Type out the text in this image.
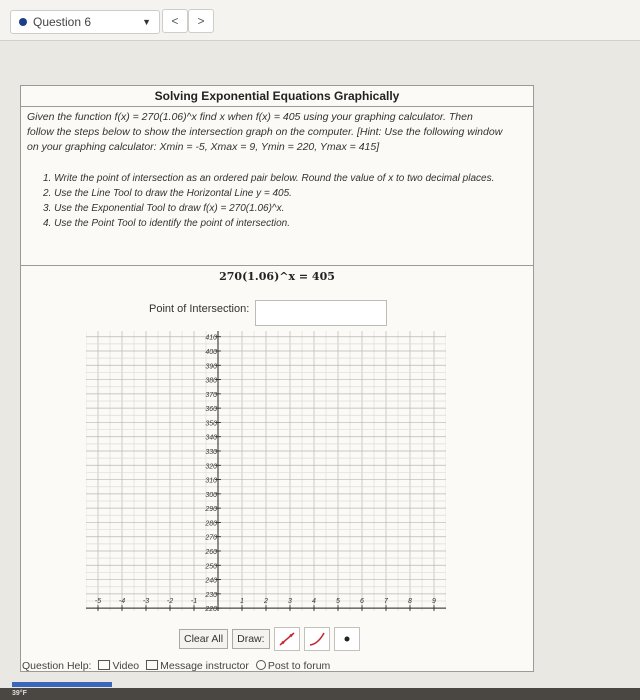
Question 6	▼	<	>
Solving Exponential Equations Graphically
Given the function f(x) = 270(1.06)^x find x when f(x) = 405 using your graphing calculator. Then
follow the steps below to show the intersection graph on the computer. [Hint: Use the following window
on your graphing calculator: Xmin = -5, Xmax = 9, Ymin = 220, Ymax = 415]
1. Write the point of intersection as an ordered pair below. Round the value of x to two decimal places.
2. Use the Line Tool to draw the Horizontal Line y = 405.
3. Use the Exponential Tool to draw f(x) = 270(1.06)^x.
4. Use the Point Tool to identify the point of intersection.
270(1.06)^x = 405
Point of Intersection:
410
400
390
380
370
360
350
340
330
320
310
300
290
280
270
260
250
240
230
220
-5	-4	-3	-2	-1	1	2	3	4	5	6	7	8	9
Clear All	Draw:
Question Help:	Video	Message instructor	Post to forum
39°F
